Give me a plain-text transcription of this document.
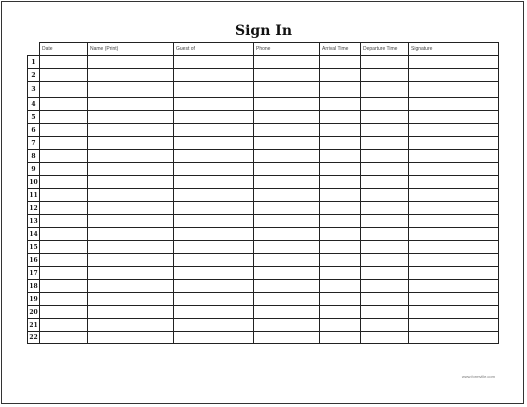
Sign In
	Date	Name (Print)	Guest of	Phone	Arrival Time	Departure Time	Signature
1							
2							
3							
4							
5							
6							
7							
8							
9							
10							
11							
12							
13							
14							
15							
16							
17							
18							
19							
20							
21							
22							
www.formville.com
